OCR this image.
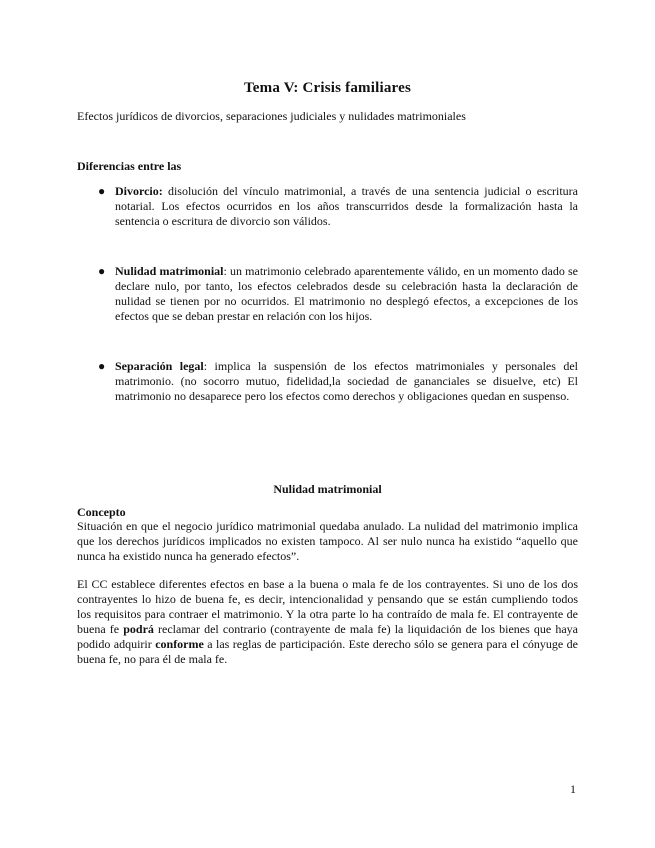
Tema V: Crisis familiares
Efectos jurídicos de divorcios, separaciones judiciales y nulidades matrimoniales
Diferencias entre las
● Divorcio: disolución del vínculo matrimonial, a través de una sentencia judicial o escritura notarial. Los efectos ocurridos en los años transcurridos desde la formalización hasta la sentencia o escritura de divorcio son válidos.

● Nulidad matrimonial: un matrimonio celebrado aparentemente válido, en un momento dado se declare nulo, por tanto, los efectos celebrados desde su celebración hasta la declaración de nulidad se tienen por no ocurridos. El matrimonio no desplegó efectos, a excepciones de los efectos que se deban prestar en relación con los hijos.

● Separación legal: implica la suspensión de los efectos matrimoniales y personales del matrimonio. (no socorro mutuo, fidelidad,la sociedad de gananciales se disuelve, etc) El matrimonio no desaparece pero los efectos como derechos y obligaciones quedan en suspenso.

Nulidad matrimonial
Concepto

Situación en que el negocio jurídico matrimonial quedaba anulado. La nulidad del matrimonio implica que los derechos jurídicos implicados no existen tampoco. Al ser nulo nunca ha existido “aquello que nunca ha existido nunca ha generado efectos”.

El CC establece diferentes efectos en base a la buena o mala fe de los contrayentes. Si uno de los dos contrayentes lo hizo de buena fe, es decir, intencionalidad y pensando que se están cumpliendo todos los requisitos para contraer el matrimonio. Y la otra parte lo ha contraído de mala fe. El contrayente de buena fe podrá reclamar del contrario (contrayente de mala fe) la liquidación de los bienes que haya podido adquirir conforme a las reglas de participación. Este derecho sólo se genera para el cónyuge de buena fe, no para él de mala fe.

1
